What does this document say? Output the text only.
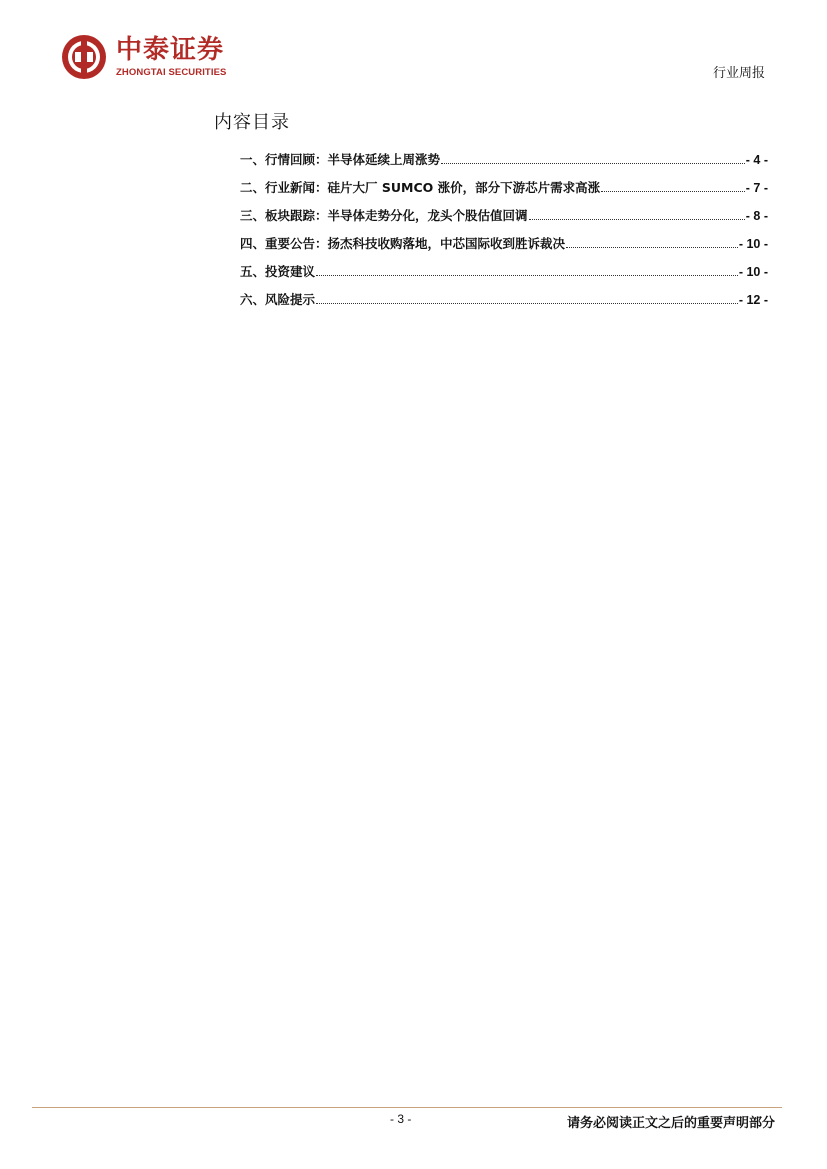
中泰证券
ZHONGTAI SECURITIES	行业周报
内容目录
一、行情回顾：半导体延续上周涨势	- 4 -
二、行业新闻：硅片大厂 SUMCO 涨价，部分下游芯片需求高涨	- 7 -
三、板块跟踪：半导体走势分化，龙头个股估值回调	- 8 -
四、重要公告：扬杰科技收购落地，中芯国际收到胜诉裁决	- 10 -
五、投资建议	- 10 -
六、风险提示	- 12 -
- 3 -	请务必阅读正文之后的重要声明部分
